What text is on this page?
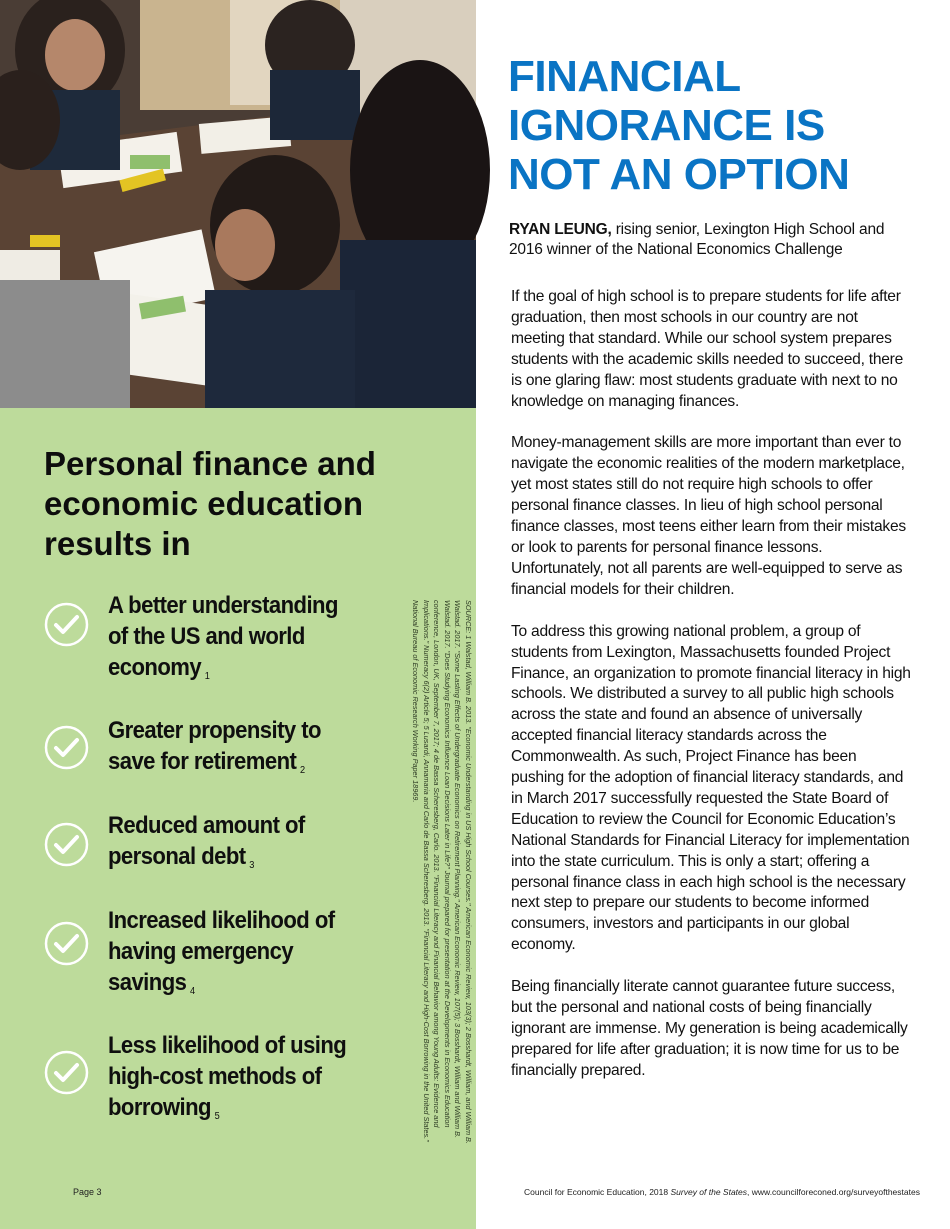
Personal finance and economic education results in
A better understanding of the US and world economy $_1$
Greater propensity to save for retirement $_2$
Reduced amount of personal debt $_3$
Increased likelihood of having emergency savings $_4$
Less likelihood of using high-cost methods of borrowing $_5$	SOURCE: 1 Walstad, William B. 2013. "Economic Understanding in US High School Courses." American Economic Review, 103(3); 2 Bosshardt, William, and William B. Walstad. 2017. "Some Lasting Effects of Undergraduate Economics on Retirement Planning." American Economic Review, 107(5); 3 Bosshardt, William and William B. Walstad. 2017. "Does Studying Economics Influence Loan Decisions Later in Life?" Journal prepared for presentation at the Developments in Economics Education conference, London, UK, September 7, 2017; 4 de Bassa Scheresberg, Carlo. 2013. "Financial Literacy and Financial Behavior among Young Adults: Evidence and Implications." Numeracy 6(2) Article 5; 5 Lusardi, Annamaria and Carlo de Bassa Scheresberg. 2013. "Financial Literacy and High-Cost Borrowing in the United States." National Bureau of Economic Research Working Paper 18969.

Page 3
FINANCIAL
IGNORANCE IS
NOT AN OPTION
RYAN LEUNG, rising senior, Lexington High School and 2016 winner of the National Economics Challenge

If the goal of high school is to prepare students for life after graduation, then most schools in our country are not meeting that standard. While our school system prepares students with the academic skills needed to succeed, there is one glaring flaw: most students graduate with next to no knowledge on managing finances.

Money-management skills are more important than ever to navigate the economic realities of the modern marketplace, yet most states still do not require high schools to offer personal finance classes. In lieu of high school personal finance classes, most teens either learn from their mistakes or look to parents for personal finance lessons. Unfortunately, not all parents are well-equipped to serve as financial models for their children.

To address this growing national problem, a group of students from Lexington, Massachusetts founded Project Finance, an organization to promote financial literacy in high schools. We distributed a survey to all public high schools across the state and found an absence of universally accepted financial literacy standards across the Commonwealth. As such, Project Finance has been pushing for the adoption of financial literacy standards, and in March 2017 successfully requested the State Board of Education to review the Council for Economic Education’s National Standards for Financial Literacy for implementation into the state curriculum. This is only a start; offering a personal finance class in each high school is the necessary next step to prepare our students to become informed consumers, investors and participants in our global economy.

Being financially literate cannot guarantee future success, but the personal and national costs of being financially ignorant are immense. My generation is being academically prepared for life after graduation; it is now time for us to be financially prepared.

Council for Economic Education, 2018 Survey of the States, www.councilforeconed.org/surveyofthestates
